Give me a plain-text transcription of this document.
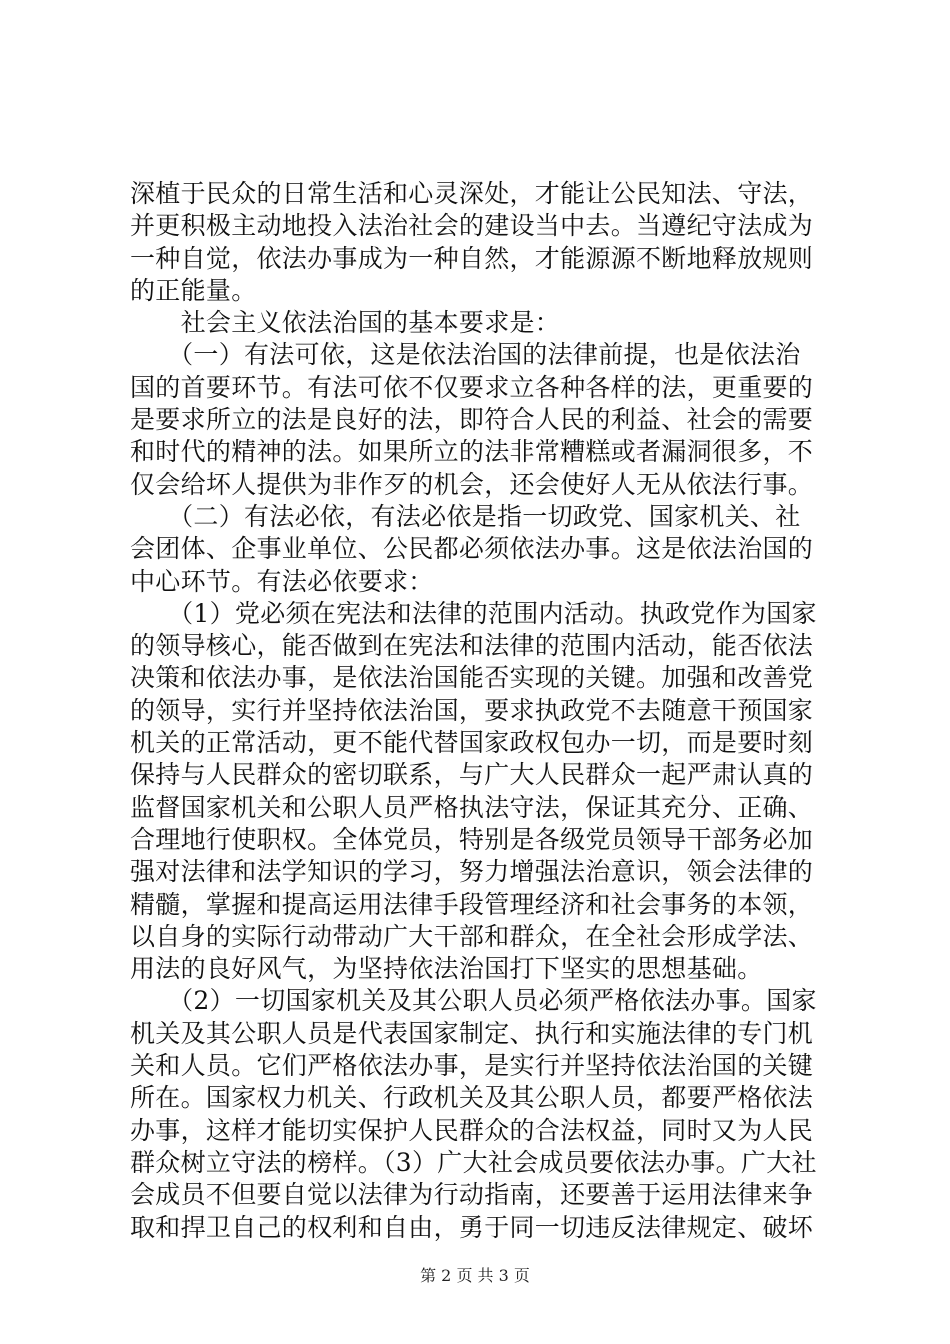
深植于民众的日常生活和心灵深处，才能让公民知法、守法，
并更积极主动地投入法治社会的建设当中去。当遵纪守法成为
一种自觉，依法办事成为一种自然，才能源源不断地释放规则
的正能量。
　　社会主义依法治国的基本要求是：
　　（一）有法可依，这是依法治国的法律前提，也是依法治
国的首要环节。有法可依不仅要求立各种各样的法，更重要的
是要求所立的法是良好的法，即符合人民的利益、社会的需要
和时代的精神的法。如果所立的法非常糟糕或者漏洞很多，不
仅会给坏人提供为非作歹的机会，还会使好人无从依法行事。
　　（二）有法必依，有法必依是指一切政党、国家机关、社
会团体、企事业单位、公民都必须依法办事。这是依法治国的
中心环节。有法必依要求：
　　（1）党必须在宪法和法律的范围内活动。执政党作为国家
的领导核心，能否做到在宪法和法律的范围内活动，能否依法
决策和依法办事，是依法治国能否实现的关键。加强和改善党
的领导，实行并坚持依法治国，要求执政党不去随意干预国家
机关的正常活动，更不能代替国家政权包办一切，而是要时刻
保持与人民群众的密切联系，与广大人民群众一起严肃认真的
监督国家机关和公职人员严格执法守法，保证其充分、正确、
合理地行使职权。全体党员，特别是各级党员领导干部务必加
强对法律和法学知识的学习，努力增强法治意识，领会法律的
精髓，掌握和提高运用法律手段管理经济和社会事务的本领，
以自身的实际行动带动广大干部和群众，在全社会形成学法、
用法的良好风气，为坚持依法治国打下坚实的思想基础。
　　（2）一切国家机关及其公职人员必须严格依法办事。国家
机关及其公职人员是代表国家制定、执行和实施法律的专门机
关和人员。它们严格依法办事，是实行并坚持依法治国的关键
所在。国家权力机关、行政机关及其公职人员，都要严格依法
办事，这样才能切实保护人民群众的合法权益，同时又为人民
群众树立守法的榜样。（3）广大社会成员要依法办事。广大社
会成员不但要自觉以法律为行动指南，还要善于运用法律来争
取和捍卫自己的权利和自由，勇于同一切违反法律规定、破坏
第 2 页 共 3 页
